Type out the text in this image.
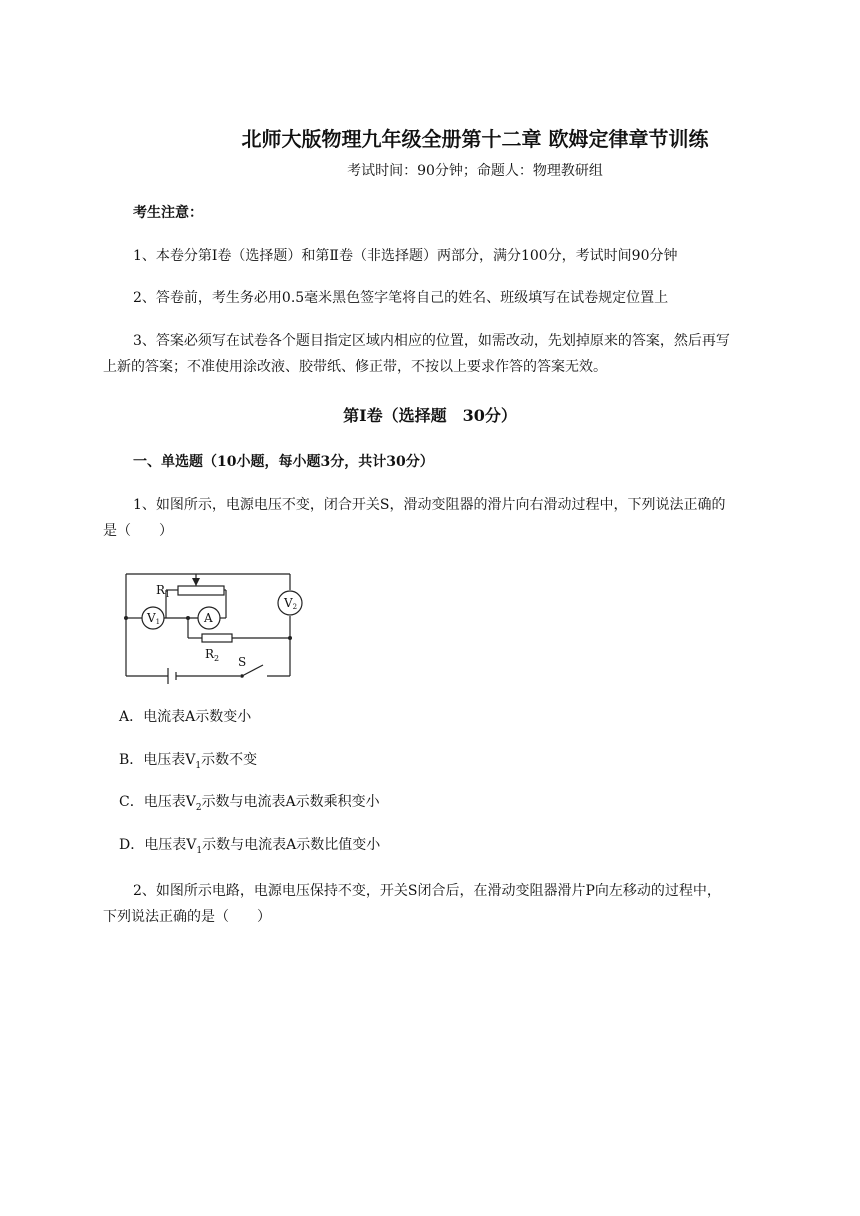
北师大版物理九年级全册第十二章 欧姆定律章节训练

考试时间：90分钟；命题人：物理教研组

考生注意：

1、本卷分第Ⅰ卷（选择题）和第Ⅱ卷（非选择题）两部分，满分100分，考试时间90分钟

2、答卷前，考生务必用0.5毫米黑色签字笔将自己的姓名、班级填写在试卷规定位置上

3、答案必须写在试卷各个题目指定区域内相应的位置，如需改动，先划掉原来的答案，然后再写

上新的答案；不准使用涂改液、胶带纸、修正带，不按以上要求作答的答案无效。

第Ⅰ卷（选择题　30分）

一、单选题（10小题，每小题3分，共计30分）

1、如图所示，电源电压不变，闭合开关S，滑动变阻器的滑片向右滑动过程中，下列说法正确的

是（　　）

$R_1$
V1	A
V2
$R_2$ S

A．电流表A示数变小

B．电压表$V_1$示数不变

C．电压表$V_2$示数与电流表A示数乘积变小

D．电压表$V_1$示数与电流表A示数比值变小

2、如图所示电路，电源电压保持不变，开关S闭合后，在滑动变阻器滑片P向左移动的过程中，

下列说法正确的是（　　）
